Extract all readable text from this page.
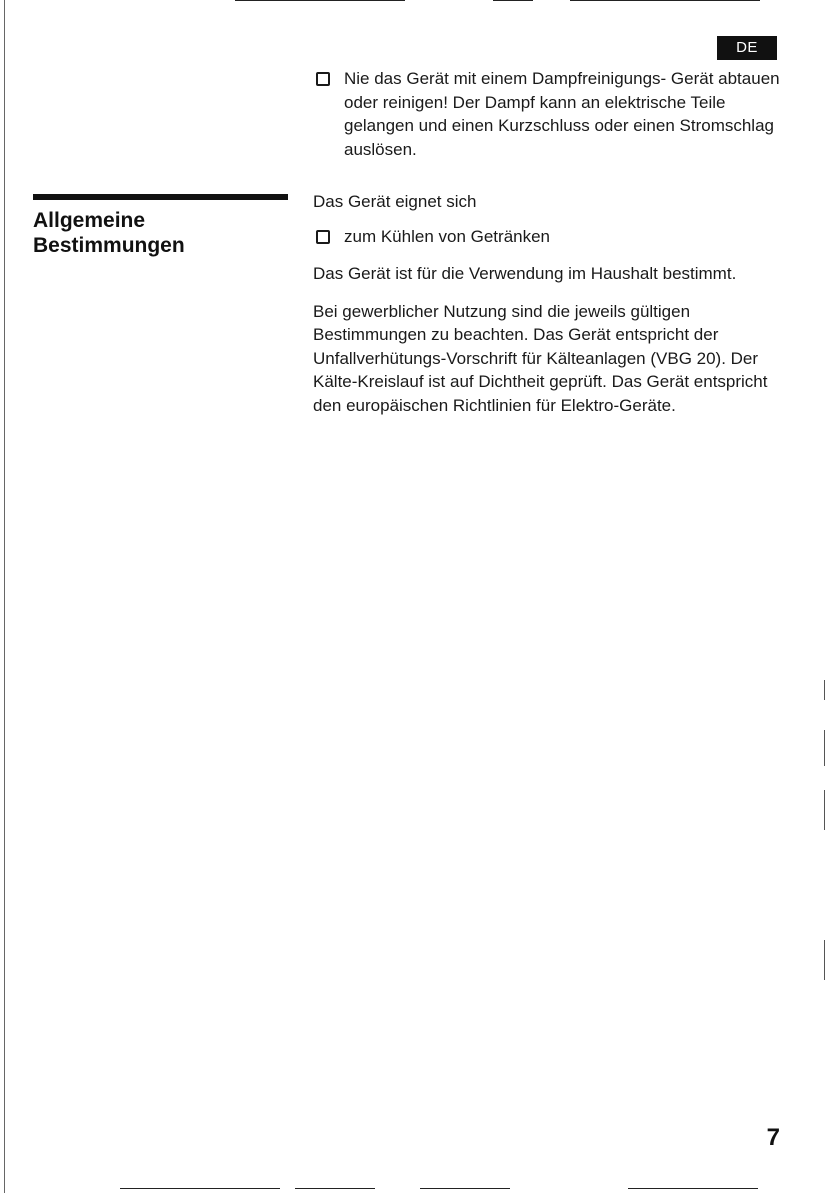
DE
Allgemeine
Bestimmungen

Nie das Gerät mit einem Dampfreinigungs- Gerät abtauen oder reinigen! Der Dampf kann an elektrische Teile gelangen und einen Kurzschluss oder einen Stromschlag auslösen.

Das Gerät eignet sich

zum Kühlen von Getränken

Das Gerät ist für die Verwendung im Haushalt bestimmt.

Bei gewerblicher Nutzung sind die jeweils gültigen Bestimmungen zu beachten. Das Gerät entspricht der Unfallverhütungs-Vorschrift für Kälteanlagen (VBG 20). Der Kälte-Kreislauf ist auf Dichtheit geprüft. Das Gerät entspricht den europäischen Richtlinien für Elektro-Geräte.

7
